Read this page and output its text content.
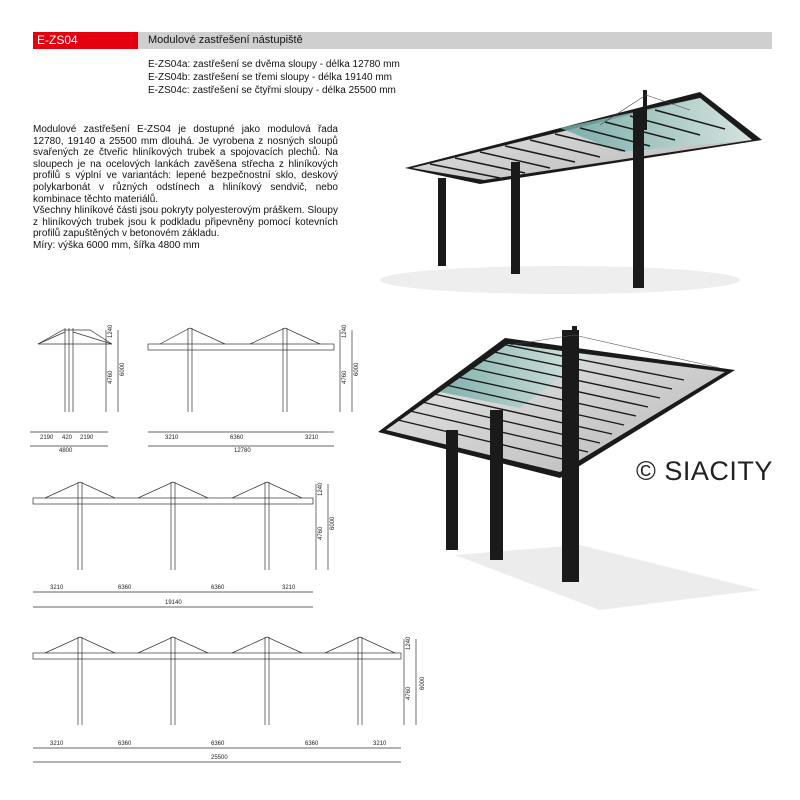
E-ZS04	Modulové zastřešení nástupiště
E-ZS04a: zastřešení se dvěma sloupy - délka 12780 mm
E-ZS04b: zastřešení se třemi sloupy - délka 19140 mm
E-ZS04c: zastřešení se čtyřmi sloupy - délka 25500 mm

Modulové zastřešení E-ZS04 je dostupné jako modulová řada 12780, 19140 a 25500 mm dlouhá. Je vyrobena z nosných sloupů svařených ze čtveřic hliníkových trubek a spojovacích plechů. Na sloupech je na ocelových lankách zavěšena střecha z hliníkových profilů s výplní ve variantách: lepené bezpečnostní sklo, deskový polykarbonát v různých odstínech a hliníkový sendvič, nebo kombinace těchto materiálů.

Všechny hliníkové části jsou pokryty polyesterovým práškem. Sloupy z hliníkových trubek jsou k podkladu připevněny pomocí kotevních profilů zapuštěných v betonovém základu.

Míry: výška 6000 mm, šířka 4800 mm

© SIACITY
1240
4760
6000
2190 420 2190
4800
1240
4760
6000
3210	6360	3210
12780
1240
4760
6000
3210	6360	6360	3210
19140
1240
4760
6000
3210	6360	6360	6360	3210
25500
